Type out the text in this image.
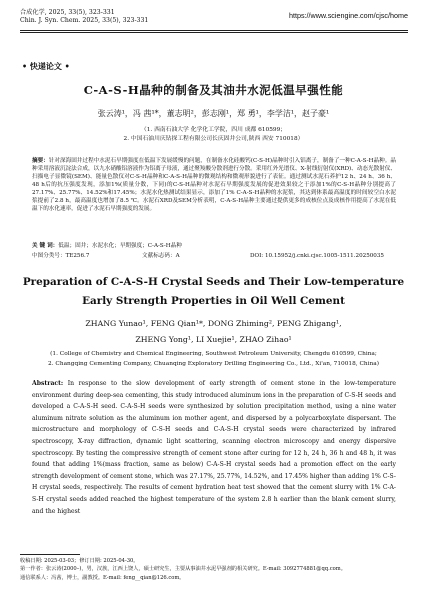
合成化学, 2025, 33(5), 323-331
Chin. J. Syn. Chem. 2025, 33(5), 323-331
https://www.sciengine.com/cjsc/home
• 快递论文 •
C-A-S-H晶种的制备及其油井水泥低温早强性能
张云涛¹，冯 茜¹*，董志明²，彭志刚¹，郑 勇¹，李学洁¹，赵子豪¹
（1. 西南石油大学 化学化工学院，四川 成都 610599；
2. 中国石油川庆钻探工程有限公司长庆固井公司,陕西 西安 710018）
摘要：针对深海固井过程中水泥石早期强度在低温下发展缓慢的问题，在制备水化硅酸钙(C-S-H)晶种时引入铝离子，制备了一种C-A-S-H晶种。晶种采用溶液沉淀法合成，以九水硝酸铝溶液作为铝离子母液，通过聚羧酸分散剂进行分散。采用红外光谱仪、X-射线衍射仪(XRD)、动态光散射仪、扫描电子显微镜(SEM)、能量色散仪对C-S-H晶种和C-A-S-H晶种的微观结构和微观形貌进行了表征。通过测试水泥石养护12 h、24 h、36 h、48 h后的抗压强度发现，添加1%(质量分数，下同)的C-S-H晶种对水泥石早期强度发展的促进效果较之于添加1%的C-S-H晶种分别提高了27.17%、25.77%、14.52%和17.45%；水泥水化热测试结果显示，添加了1% C-A-S-H晶种的水泥浆，其达到体系最高温度的时间较空白水泥浆提前了2.8 h，最高温度也增加了8.5 ℃。水泥石XRD及SEM分析表明，C-A-S-H晶种主要通过提供更多的成核位点及成核作用提高了水泥在低温下的水化速率，促进了水泥石早期强度的发展。
关 键 词：低温；固井；水泥水化；早期强度；C-A-S-H晶种
中图分类号：TE256.7	文献标志码：A	DOI: 10.15952/j.cnki.cjsc.1005-1511.20250035
Preparation of C-A-S-H Crystal Seeds and Their Low-temperature
Early Strength Properties in Oil Well Cement
ZHANG Yunao¹, FENG Qian¹*, DONG Zhiming², PENG Zhigang¹,
ZHENG Yong¹, LI Xuejie¹, ZHAO Zihao¹
(1. College of Chemistry and Chemical Engineering, Southwest Petroleum University, Chengdu 610599, China;
2. Changqing Cementing Company, Chuanqing Exploratory Drilling Engineering Co., Ltd., Xi'an, 710018, China)
Abstract: In response to the slow development of early strength of cement stone in the low-temperature environment during deep-sea cementing, this study introduced aluminum ions in the preparation of C-S-H seeds and developed a C-A-S-H seed. C-A-S-H seeds were synthesized by solution precipitation method, using a nine water aluminum nitrate solution as the aluminum ion mother agent, and dispersed by a polycarboxylate dispersant. The microstructure and morphology of C-S-H seeds and C-A-S-H crystal seeds were characterized by infrared spectroscopy, X-ray diffraction, dynamic light scattering, scanning electron microscopy and energy dispersive spectroscopy. By testing the compressive strength of cement stone after curing for 12 h, 24 h, 36 h and 48 h, it was found that adding 1%(mass fraction, same as below) C-A-S-H crystal seeds had a promotion effect on the early strength development of cement stone, which was 27.17%, 25.77%, 14.52%, and 17.45% higher than adding 1% C-S-H crystal seeds, respectively. The results of cement hydration heat test showed that the cement slurry with 1% C-A-S-H crystal seeds added reached the highest temperature of the system 2.8 h earlier than the blank cement slurry, and the highest
收稿日期: 2025-03-03；修订日期: 2025-04-30。
第一作者：张云涛(2000–)，男，汉族，江西上饶人，硕士研究生，主要从事油井水泥早强剂的相关研究。E-mail: 3092774881@qq.com。
通信联系人：冯茜，博士，副教授。E-mail: feng__qian@126.com。
